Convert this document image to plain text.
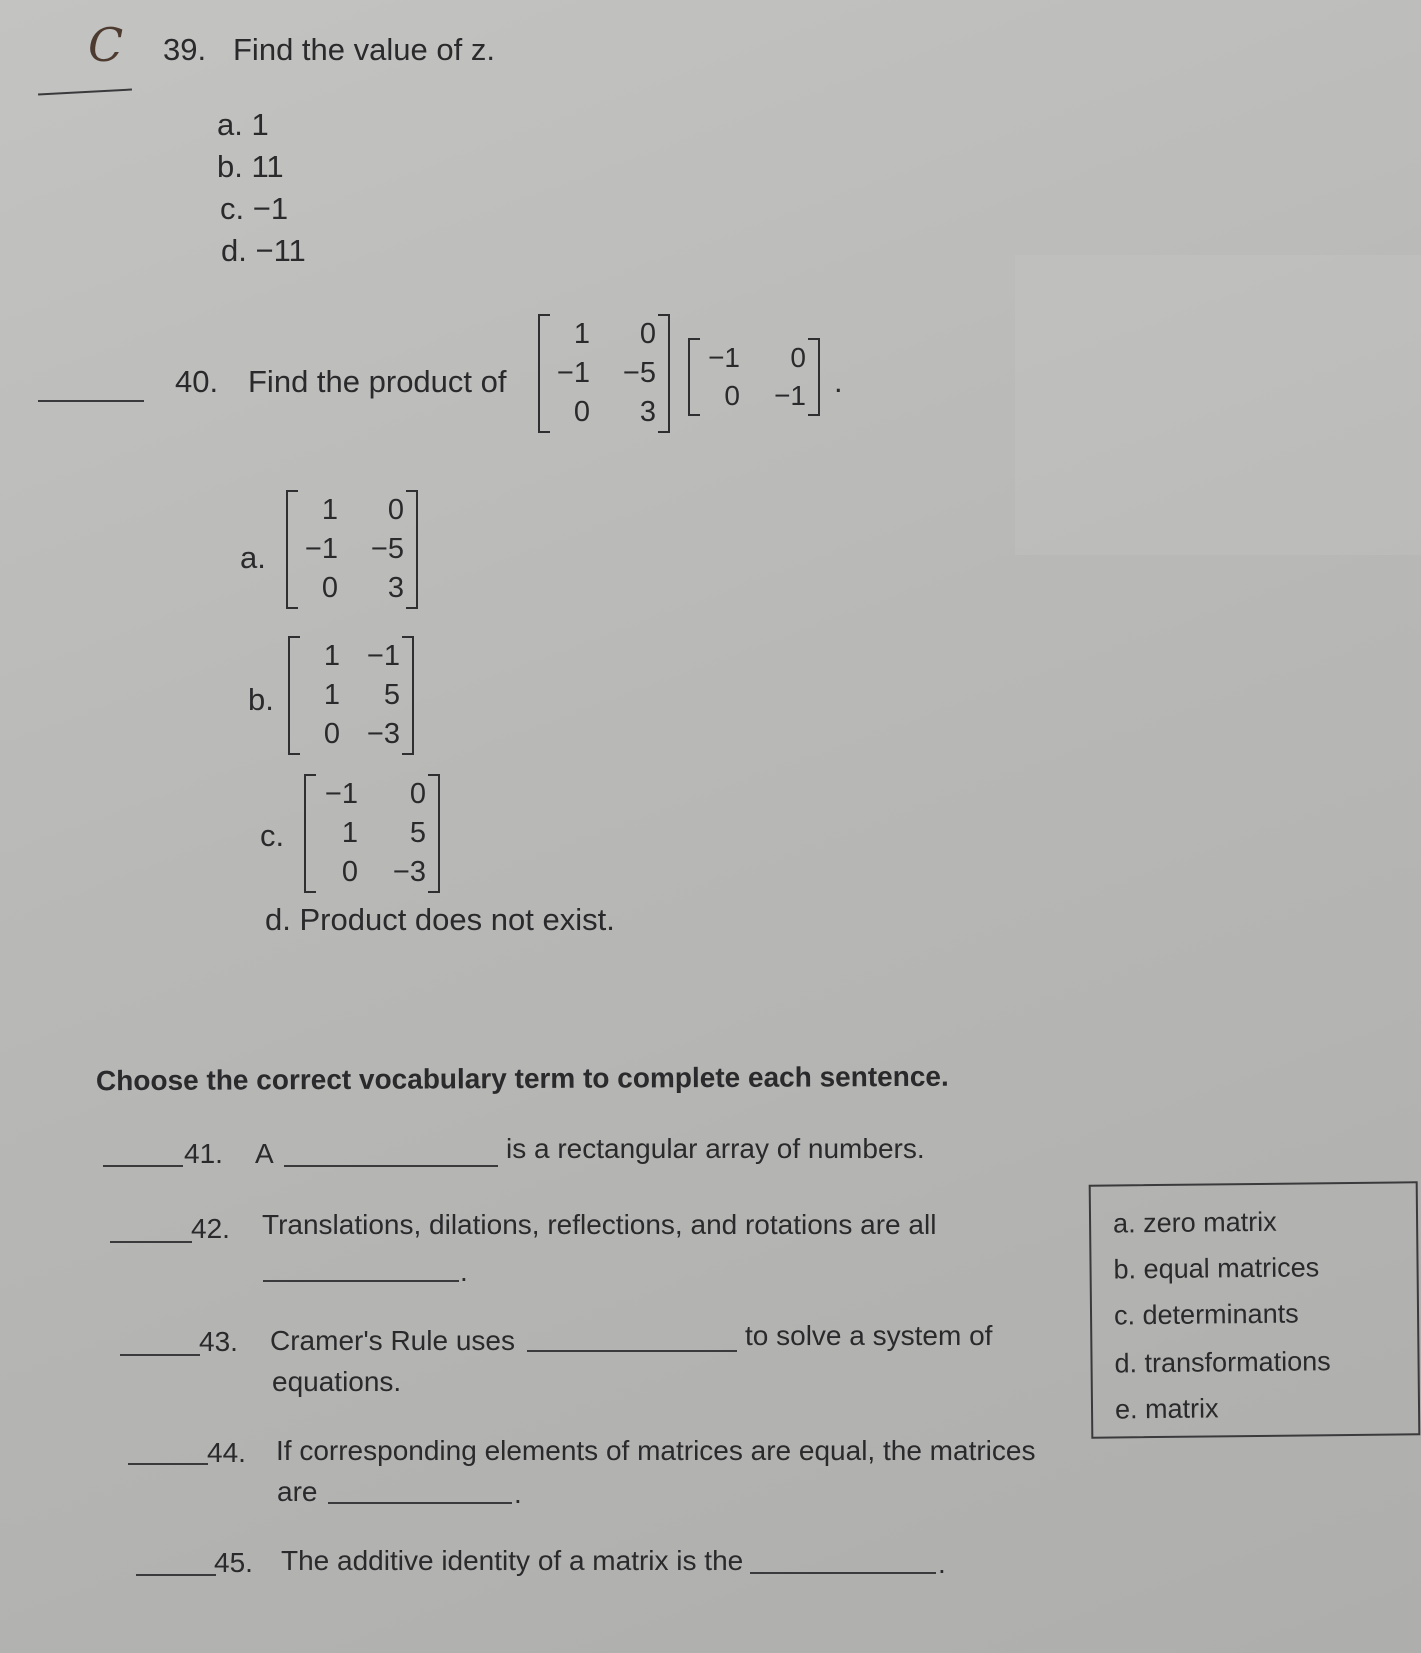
C 39. Find the value of z.
a. 1
b. 11
c. −1
d. −11
40. Find the product of
1	0
−1	−5
0	3
−1	0
0	−1 .
a.
1	0
−1	−5
0	3
b.
1 −1
1	5
0 −3
c.
−1	0
1	5
0	−3
d. Product does not exist.
Choose the correct vocabulary term to complete each sentence.
41. A	is a rectangular array of numbers.
42. Translations, dilations, reflections, and rotations are all
.
43. Cramer's Rule uses	to solve a system of
equations.
44. If corresponding elements of matrices are equal, the matrices
are	.
45. The additive identity of a matrix is the	.
a. zero matrix
b. equal matrices
c. determinants
d. transformations
e. matrix
